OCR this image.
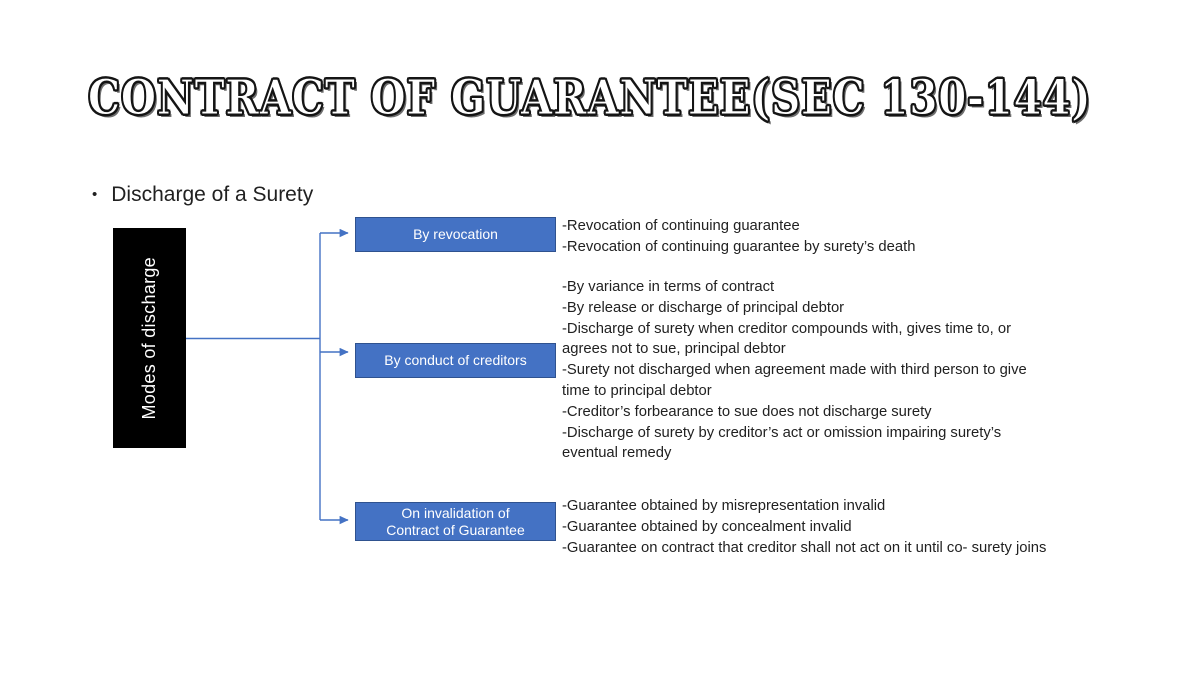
CONTRACT OF GUARANTEE(SEC 130-144)
• Discharge of a Surety
Modes of discharge
By revocation
By conduct of creditors
On invalidation of
Contract of Guarantee
-Revocation of continuing guarantee
-Revocation of continuing guarantee by surety’s death
-By variance in terms of contract
-By release or discharge of principal debtor
-Discharge of surety when creditor compounds with, gives time to, or
agrees not to sue, principal debtor
-Surety not discharged when agreement made with third person to give
time to principal debtor
-Creditor’s forbearance to sue does not discharge surety
-Discharge of surety by creditor’s act or omission impairing surety’s
eventual remedy
-Guarantee obtained by misrepresentation invalid
-Guarantee obtained by concealment invalid
-Guarantee on contract that creditor shall not act on it until co- surety joins
